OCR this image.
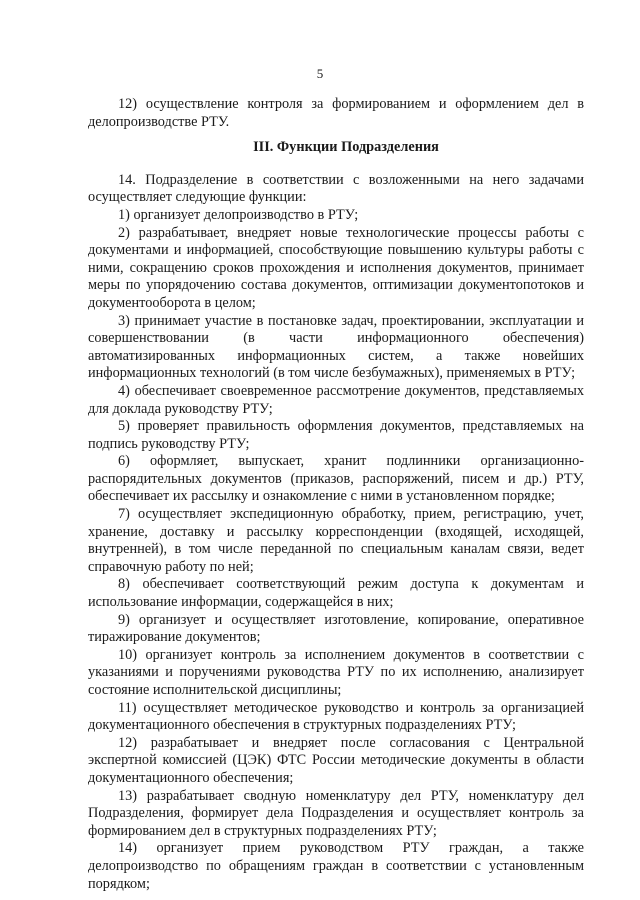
5

12) осуществление контроля за формированием и оформлением дел в делопроизводстве РТУ.

III. Функции Подразделения

14. Подразделение в соответствии с возложенными на него задачами осуществляет следующие функции:

1) организует делопроизводство в РТУ;

2) разрабатывает, внедряет новые технологические процессы работы с документами и информацией, способствующие повышению культуры работы с ними, сокращению сроков прохождения и исполнения документов, принимает меры по упорядочению состава документов, оптимизации документопотоков и документооборота в целом;

3) принимает участие в постановке задач, проектировании, эксплуатации и совершенствовании (в части информационного обеспечения) автоматизированных информационных систем, а также новейших информационных технологий (в том числе безбумажных), применяемых в РТУ;

4) обеспечивает своевременное рассмотрение документов, представляемых для доклада руководству РТУ;

5) проверяет правильность оформления документов, представляемых на подпись руководству РТУ;

6) оформляет, выпускает, хранит подлинники организационно-распорядительных документов (приказов, распоряжений, писем и др.) РТУ, обеспечивает их рассылку и ознакомление с ними в установленном порядке;

7) осуществляет экспедиционную обработку, прием, регистрацию, учет, хранение, доставку и рассылку корреспонденции (входящей, исходящей, внутренней), в том числе переданной по специальным каналам связи, ведет справочную работу по ней;

8) обеспечивает соответствующий режим доступа к документам и использование информации, содержащейся в них;

9) организует и осуществляет изготовление, копирование, оперативное тиражирование документов;

10) организует контроль за исполнением документов в соответствии с указаниями и поручениями руководства РТУ по их исполнению, анализирует состояние исполнительской дисциплины;

11) осуществляет методическое руководство и контроль за организацией документационного обеспечения в структурных подразделениях РТУ;

12) разрабатывает и внедряет после согласования с Центральной экспертной комиссией (ЦЭК) ФТС России методические документы в области документационного обеспечения;

13) разрабатывает сводную номенклатуру дел РТУ, номенклатуру дел Подразделения, формирует дела Подразделения и осуществляет контроль за формированием дел в структурных подразделениях РТУ;

14) организует прием руководством РТУ граждан, а также делопроизводство по обращениям граждан в соответствии с установленным порядком;
